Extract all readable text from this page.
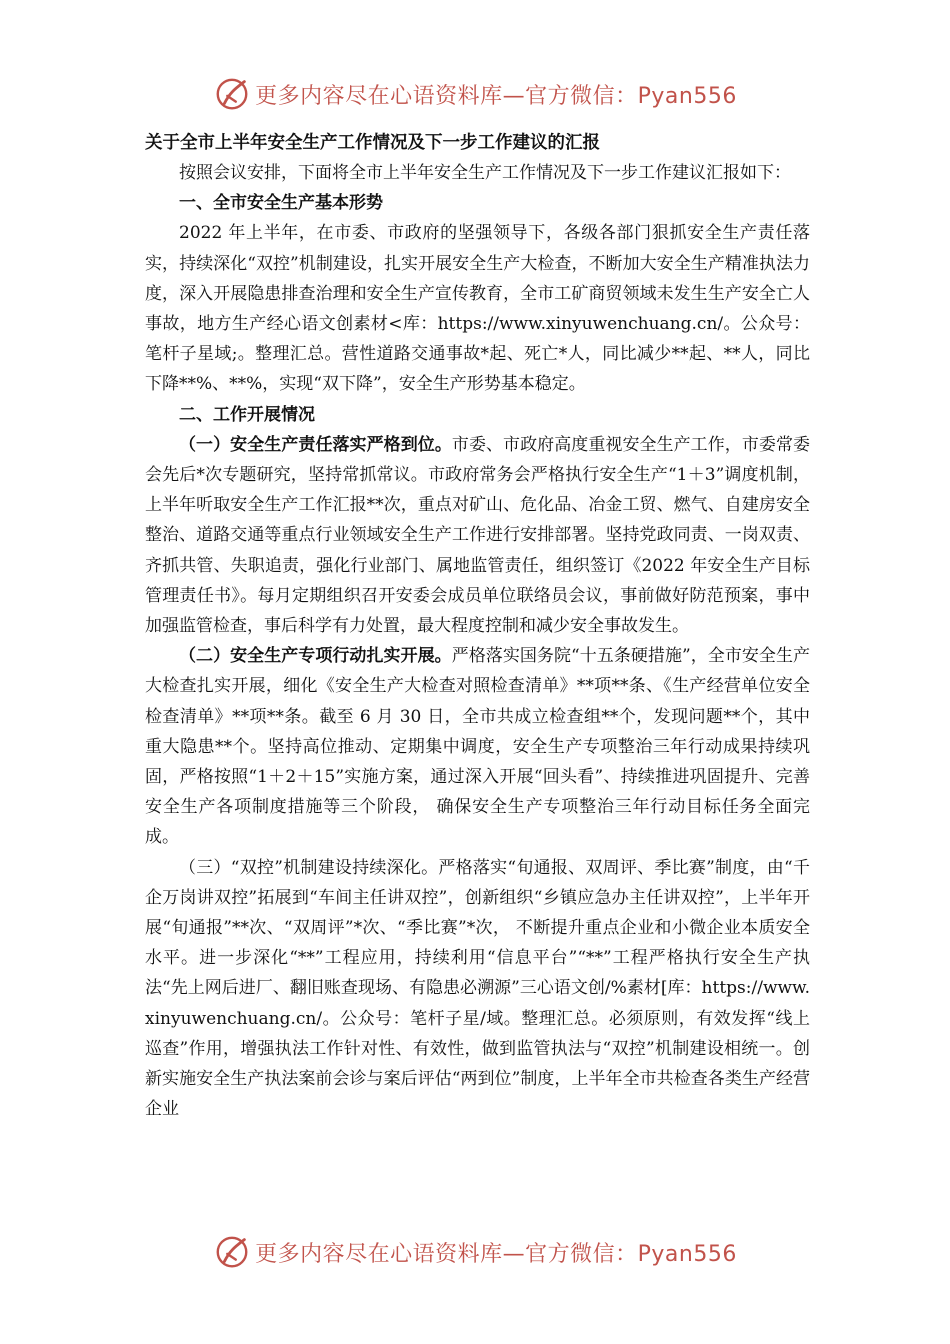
更多内容尽在心语资料库—官方微信：Pyan556
关于全市上半年安全生产工作情况及下一步工作建议的汇报

按照会议安排，下面将全市上半年安全生产工作情况及下一步工作建议汇报如下：

一、全市安全生产基本形势

2022 年上半年，在市委、市政府的坚强领导下，各级各部门狠抓安全生产责任落实，持续深化“双控”机制建设，扎实开展安全生产大检查，不断加大安全生产精准执法力度，深入开展隐患排查治理和安全生产宣传教育，全市工矿商贸领域未发生生产安全亡人事故，地方生产经心语文创素材<库：https://www.xinyuwenchuang.cn/。公众号：笔杆子星域;。整理汇总。营性道路交通事故*起、死亡*人，同比减少**起、**人，同比下降**%、**%，实现“双下降”，安全生产形势基本稳定。

二、工作开展情况

（一）安全生产责任落实严格到位。市委、市政府高度重视安全生产工作，市委常委会先后*次专题研究，坚持常抓常议。市政府常务会严格执行安全生产“1＋3”调度机制，上半年听取安全生产工作汇报**次，重点对矿山、危化品、冶金工贸、燃气、自建房安全整治、道路交通等重点行业领域安全生产工作进行安排部署。坚持党政同责、一岗双责、齐抓共管、失职追责，强化行业部门、属地监管责任，组织签订《2022 年安全生产目标管理责任书》。每月定期组织召开安委会成员单位联络员会议，事前做好防范预案，事中加强监管检查，事后科学有力处置，最大程度控制和减少安全事故发生。

（二）安全生产专项行动扎实开展。严格落实国务院“十五条硬措施”，全市安全生产大检查扎实开展，细化《安全生产大检查对照检查清单》**项**条、《生产经营单位安全检查清单》**项**条。截至 6 月 30 日，全市共成立检查组**个，发现问题**个，其中重大隐患**个。坚持高位推动、定期集中调度，安全生产专项整治三年行动成果持续巩固，严格按照“1＋2＋15”实施方案，通过深入开展“回头看”、持续推进巩固提升、完善安全生产各项制度措施等三个阶段， 确保安全生产专项整治三年行动目标任务全面完成。

（三）“双控”机制建设持续深化。严格落实“旬通报、双周评、季比赛”制度，由“千企万岗讲双控”拓展到“车间主任讲双控”，创新组织“乡镇应急办主任讲双控”，上半年开展“旬通报”**次、“双周评”*次、“季比赛”*次， 不断提升重点企业和小微企业本质安全水平。进一步深化“**”工程应用，持续利用“信息平台”“**”工程严格执行安全生产执法“先上网后进厂、翻旧账查现场、有隐患必溯源”三心语文创/%素材[库：https://www.xinyuwenchuang.cn/。公众号：笔杆子星/域。整理汇总。必须原则，有效发挥“线上巡查”作用，增强执法工作针对性、有效性，做到监管执法与“双控”机制建设相统一。创新实施安全生产执法案前会诊与案后评估“两到位”制度，上半年全市共检查各类生产经营企业

更多内容尽在心语资料库—官方微信：Pyan556
